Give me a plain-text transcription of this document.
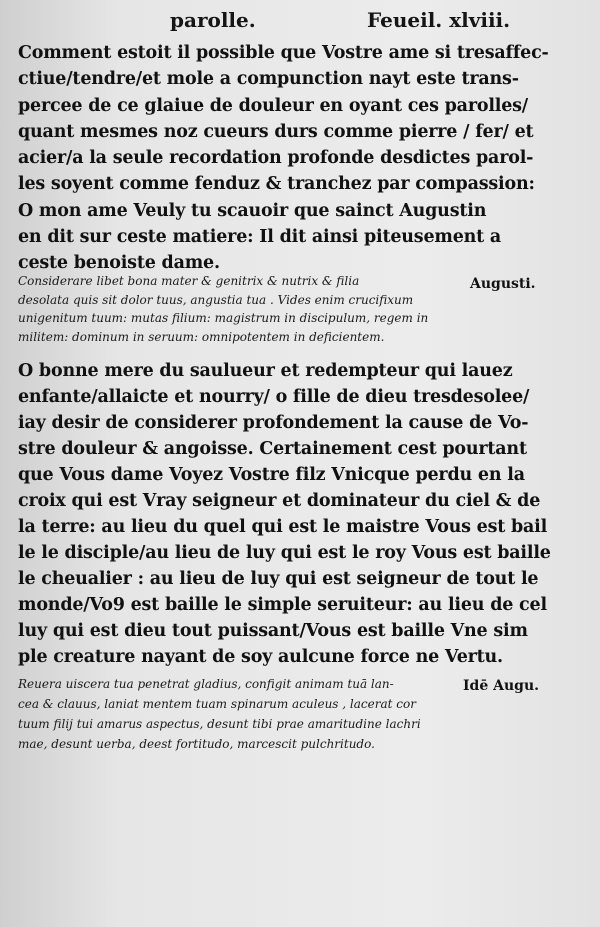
parolle.	Feueil. xlviii.
Comment estoit il possible que Vostre ame si tresaffec-
ctiue/tendre/et mole a compunction nayt este trans-
percee de ce glaiue de douleur en oyant ces parolles/
quant mesmes noz cueurs durs comme pierre / fer/ et
acier/a la seule recordation profonde desdictes parol-
les soyent comme fenduz & tranchez par compassion:
O mon ame Veuly tu scauoir que sainct Augustin
en dit sur ceste matiere: Il dit ainsi piteusement a
ceste benoiste dame.
Considerare libet bona mater & genitrix & nutrix & filia
desolata quis sit dolor tuus, angustia tua . Vides enim crucifixum
unigenitum tuum: mutas filium: magistrum in discipulum, regem in
militem: dominum in seruum: omnipotentem in deficientem.
Augusti.
O bonne mere du saulueur et redempteur qui lauez
enfante/allaicte et nourry/ o fille de dieu tresdesolee/
iay desir de considerer profondement la cause de Vo-
stre douleur & angoisse. Certainement cest pourtant
que Vous dame Voyez Vostre filz Vnicque perdu en la
croix qui est Vray seigneur et dominateur du ciel & de
la terre: au lieu du quel qui est le maistre Vous est bail
le le disciple/au lieu de luy qui est le roy Vous est baille
le cheualier : au lieu de luy qui est seigneur de tout le
monde/Vo9 est baille le simple seruiteur: au lieu de cel
luy qui est dieu tout puissant/Vous est baille Vne sim
ple creature nayant de soy aulcune force ne Vertu.
Reuera uiscera tua penetrat gladius, configit animam tuā lan-
cea & clauus, laniat mentem tuam spinarum aculeus , lacerat cor
tuum filij tui amarus aspectus, desunt tibi prae amaritudine lachri
mae, desunt uerba, deest fortitudo, marcescit pulchritudo.
Idē Augu.
